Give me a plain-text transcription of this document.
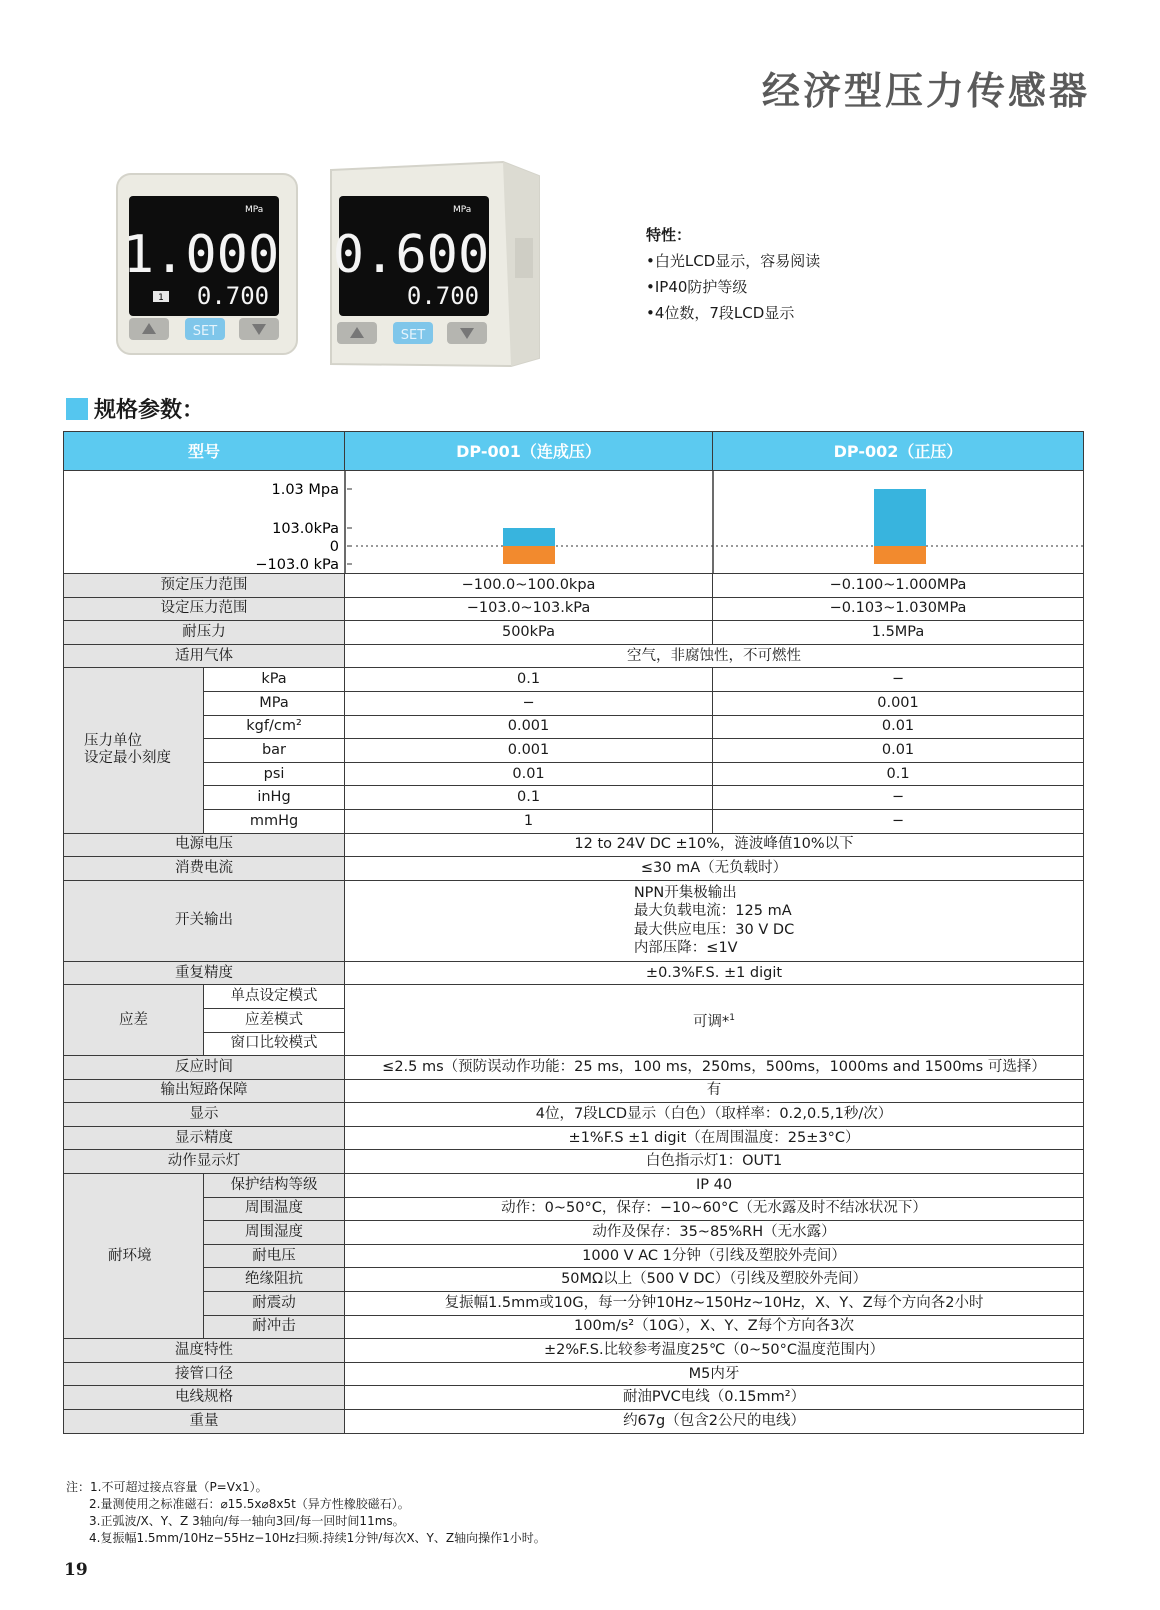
经济型压力传感器
MPa
1.000
0.700
1
SET
MPa
0.600
0.700
SET
特性：
•白光LCD显示，容易阅读
•IP40防护等级
•4位数，7段LCD显示
规格参数：
型号		DP-001（连成压）	DP-002（正压）

1.03 Mpa
103.0kPa
0
−103.0 kPa			

预定压力范围		−100.0~100.0kpa	−0.100~1.000MPa
设定压力范围		−103.0~103.kPa	−0.103~1.030MPa
耐压力		500kPa	1.5MPa
适用气体		空气，非腐蚀性，不可燃性	

压力单位
设定最小刻度	kPa	0.1	−
	MPa	−	0.001
	kgf/cm²	0.001	0.01
	bar	0.001	0.01
	psi	0.01	0.1
	inHg	0.1	−
	mmHg	1	−
电源电压		12 to 24V DC ±10%，涟波峰值10%以下	
消费电流		≤30 mA（无负载时）	
开关输出		NPN开集极输出
最大负载电流：125 mA
最大供应电压：30 V DC
内部压降：≤1V	

重复精度		±0.3%F.S. ±1 digit	
应差	单点设定模式	可调*$^1$
	应差模式		
	窗口比较模式		
反应时间		≤2.5 ms（预防误动作功能：25 ms，100 ms，250ms，500ms，1000ms and 1500ms 可选择）	
输出短路保障		有	
显示		4位，7段LCD显示（白色）（取样率：0.2,0.5,1秒/次）	
显示精度		±1%F.S ±1 digit（在周围温度：25±3°C）	
动作显示灯		白色指示灯1：OUT1	
耐环境	保护结构等级	IP 40	
	周围温度	动作：0~50°C，保存：−10~60°C（无水露及时不结冰状况下）	
	周围湿度	动作及保存：35~85%RH（无水露）	
	耐电压	1000 V AC 1分钟（引线及塑胶外壳间）	
	绝缘阻抗	50MΩ以上（500 V DC）（引线及塑胶外壳间）	
	耐震动	复振幅1.5mm或10G，每一分钟10Hz~150Hz~10Hz，X、Y、Z每个方向各2小时	
	耐冲击	100m/s²（10G），X、Y、Z每个方向各3次	
温度特性		±2%F.S.比较参考温度25℃（0~50°C温度范围内）	
接管口径		M5内牙	
电线规格		耐油PVC电线（0.15mm²）	
重量		约67g（包含2公尺的电线）	
注：1.不可超过接点容量（P=Vx1）。
2.量测使用之标准磁石：⌀15.5x⌀8x5t（异方性橡胶磁石）。
3.正弧波/X、Y、Z 3轴向/每一轴向3回/每一回时间11ms。
4.复振幅1.5mm/10Hz−55Hz−10Hz扫频.持续1分钟/每次X、Y、Z轴向操作1小时。
19
